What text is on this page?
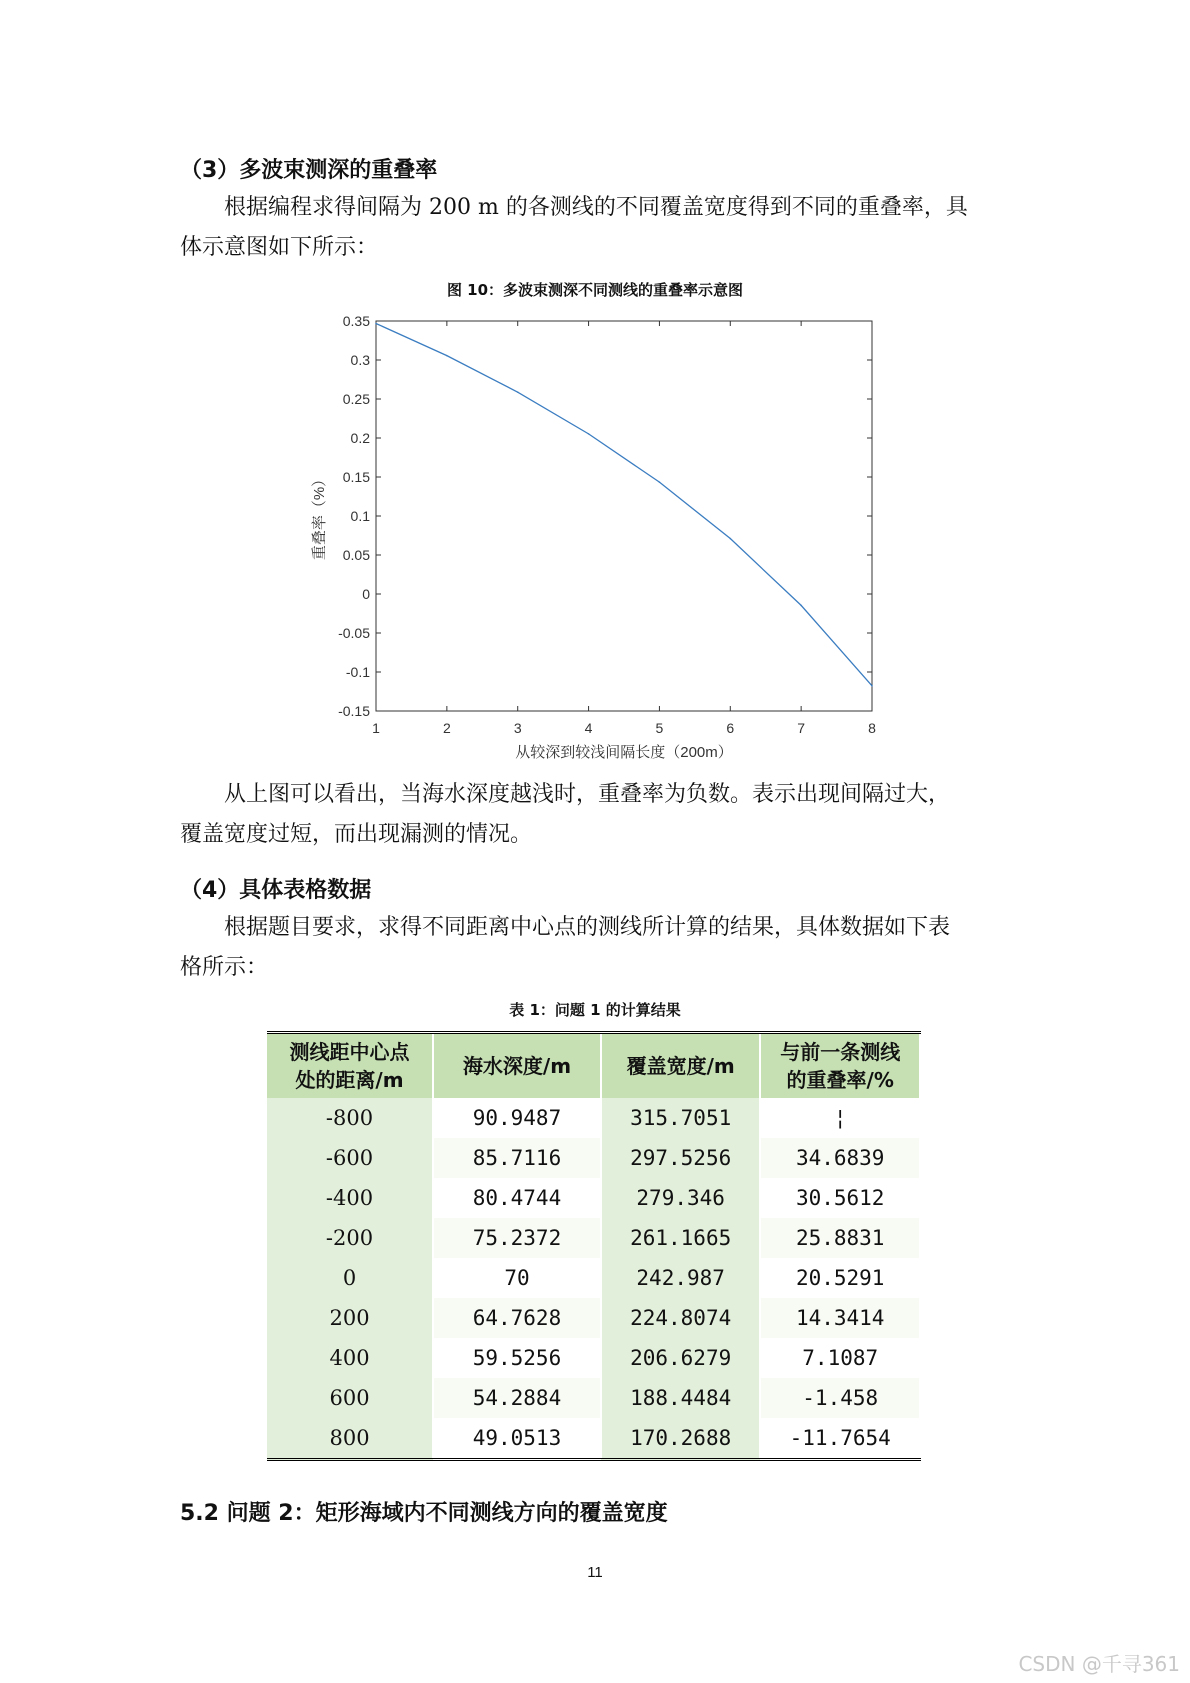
（3）多波束测深的重叠率
根据编程求得间隔为 200 m 的各测线的不同覆盖宽度得到不同的重叠率，具
体示意图如下所示：
图 10：多波束测深不同测线的重叠率示意图
0.35
0.3
0.25
0.2
0.15
0.1
0.05
0
-0.05
-0.1
-0.15
1	2	3	4	5	6	7	8
从较深到较浅间隔长度（200m）
重叠率（%）
从上图可以看出，当海水深度越浅时，重叠率为负数。表示出现间隔过大，
覆盖宽度过短，而出现漏测的情况。
（4）具体表格数据
根据题目要求，求得不同距离中心点的测线所计算的结果，具体数据如下表
格所示：
表 1：问题 1 的计算结果
测线距中心点
处的距离/m	海水深度/m	覆盖宽度/m	与前一条测线
的重叠率/%
-800	90.9487	315.7051	¦
-600	85.7116	297.5256	34.6839
-400	80.4744	279.346	30.5612
-200	75.2372	261.1665	25.8831
0	70	242.987	20.5291
200	64.7628	224.8074	14.3414
400	59.5256	206.6279	7.1087
600	54.2884	188.4484	-1.458
800	49.0513	170.2688	-11.7654
5.2 问题 2：矩形海域内不同测线方向的覆盖宽度
11
CSDN @千寻361
